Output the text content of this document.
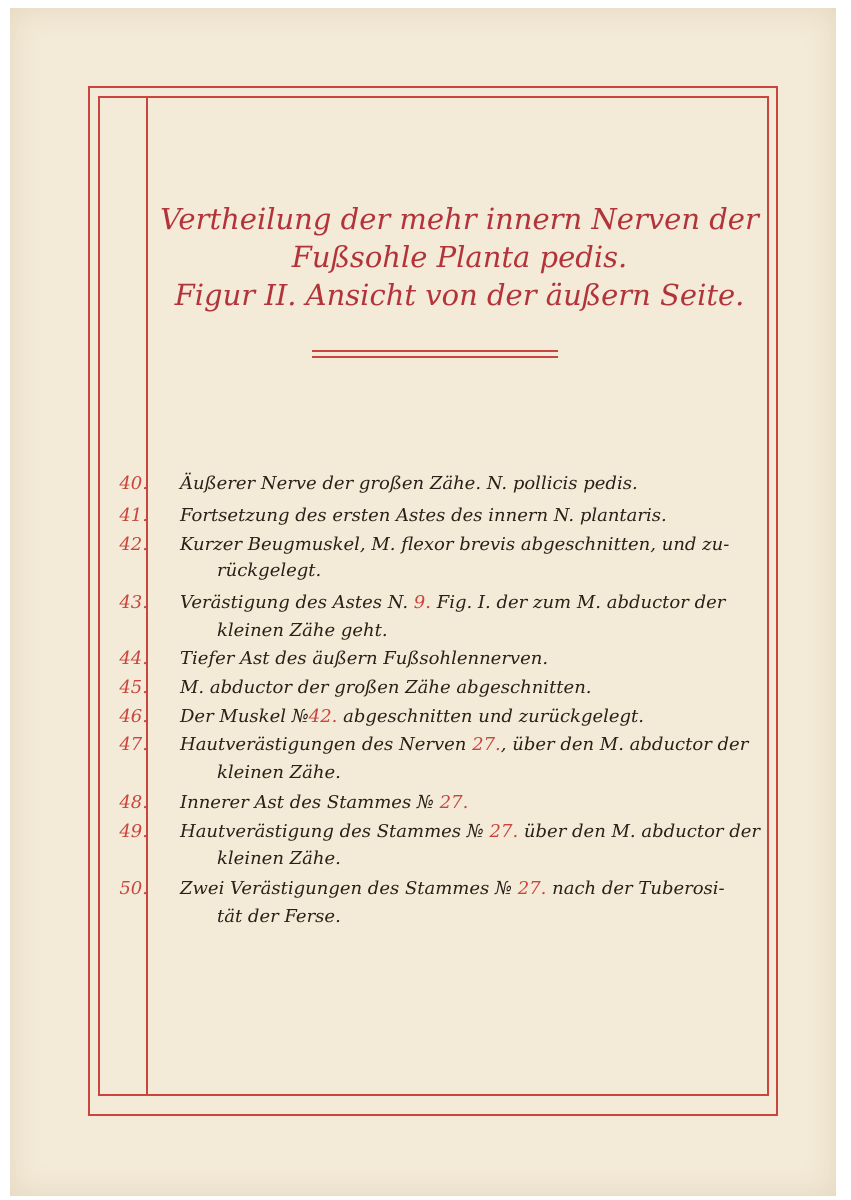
Vertheilung der mehr innern Nerven der
Fußsohle Planta pedis.
Figur II. Ansicht von der äußern Seite.
40. Äußerer Nerve der großen Zähe. N. pollicis pedis.
41. Fortsetzung des ersten Astes des innern N. plantaris.
42. Kurzer Beugmuskel, M. flexor brevis abgeschnitten, und zu-
rückgelegt.
43. Verästigung des Astes N. 9. Fig. I. der zum M. abductor der
kleinen Zähe geht.
44. Tiefer Ast des äußern Fußsohlennerven.
45. M. abductor der großen Zähe abgeschnitten.
46. Der Muskel №42. abgeschnitten und zurückgelegt.
47. Hautverästigungen des Nerven 27., über den M. abductor der
kleinen Zähe.
48. Innerer Ast des Stammes № 27.
49. Hautverästigung des Stammes № 27. über den M. abductor der
kleinen Zähe.
50. Zwei Verästigungen des Stammes № 27. nach der Tuberosi-
tät der Ferse.
